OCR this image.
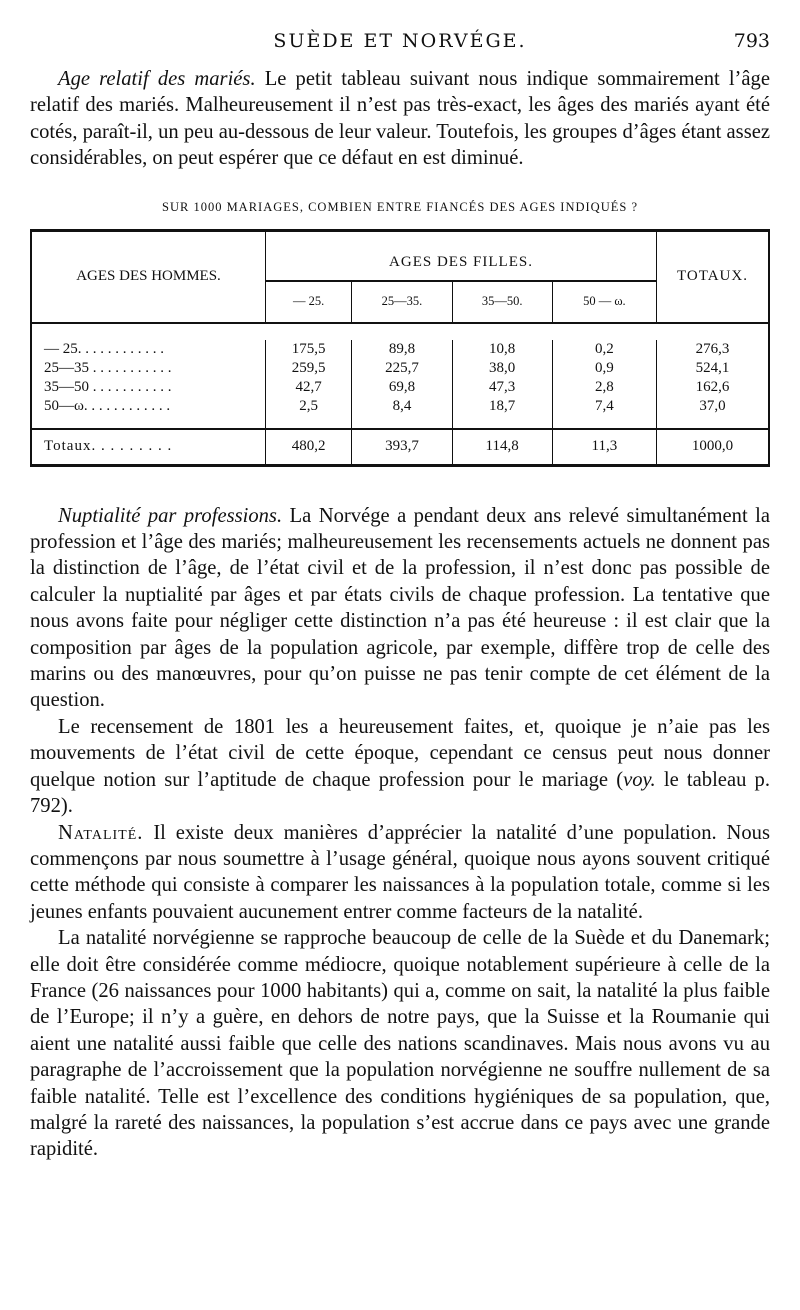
SUÈDE ET NORVÉGE.	793

Age relatif des mariés. Le petit tableau suivant nous indique sommairement l’âge relatif des mariés. Malheureusement il n’est pas très-exact, les âges des mariés ayant été cotés, paraît-il, un peu au-dessous de leur valeur. Toutefois, les groupes d’âges étant assez considérables, on peut espérer que ce défaut en est diminué.

SUR 1000 MARIAGES, COMBIEN ENTRE FIANCÉS DES AGES INDIQUÉS ?
AGES DES HOMMES.	AGES DES FILLES.				TOTAUX.
	— 25.	25—35.	35—50.	50 — ω.	

— 25. . . . . . . . . . . .	175,5	89,8	10,8	0,2	276,3
25—35 . . . . . . . . . . .	259,5	225,7	38,0	0,9	524,1
35—50 . . . . . . . . . . .	42,7	69,8	47,3	2,8	162,6
50—ω. . . . . . . . . . . .	2,5	8,4	18,7	7,4	37,0

Totaux. . . . . . . . .	480,2	393,7	114,8	11,3	1000,0

Nuptialité par professions. La Norvége a pendant deux ans relevé simultanément la profession et l’âge des mariés; malheureusement les recensements actuels ne donnent pas la distinction de l’âge, de l’état civil et de la profession, il n’est donc pas possible de calculer la nuptialité par âges et par états civils de chaque profession. La tentative que nous avons faite pour négliger cette distinction n’a pas été heureuse : il est clair que la composition par âges de la population agricole, par exemple, diffère trop de celle des marins ou des manœuvres, pour qu’on puisse ne pas tenir compte de cet élément de la question.

Le recensement de 1801 les a heureusement faites, et, quoique je n’aie pas les mouvements de l’état civil de cette époque, cependant ce census peut nous donner quelque notion sur l’aptitude de chaque profession pour le mariage (voy. le tableau p. 792).

Natalité. Il existe deux manières d’apprécier la natalité d’une population. Nous commençons par nous soumettre à l’usage général, quoique nous ayons souvent critiqué cette méthode qui consiste à comparer les naissances à la population totale, comme si les jeunes enfants pouvaient aucunement entrer comme facteurs de la natalité.

La natalité norvégienne se rapproche beaucoup de celle de la Suède et du Danemark; elle doit être considérée comme médiocre, quoique notablement supérieure à celle de la France (26 naissances pour 1000 habitants) qui a, comme on sait, la natalité la plus faible de l’Europe; il n’y a guère, en dehors de notre pays, que la Suisse et la Roumanie qui aient une natalité aussi faible que celle des nations scandinaves. Mais nous avons vu au paragraphe de l’accroissement que la population norvégienne ne souffre nullement de sa faible natalité. Telle est l’excellence des conditions hygiéniques de sa population, que, malgré la rareté des naissances, la population s’est accrue dans ce pays avec une grande rapidité.
